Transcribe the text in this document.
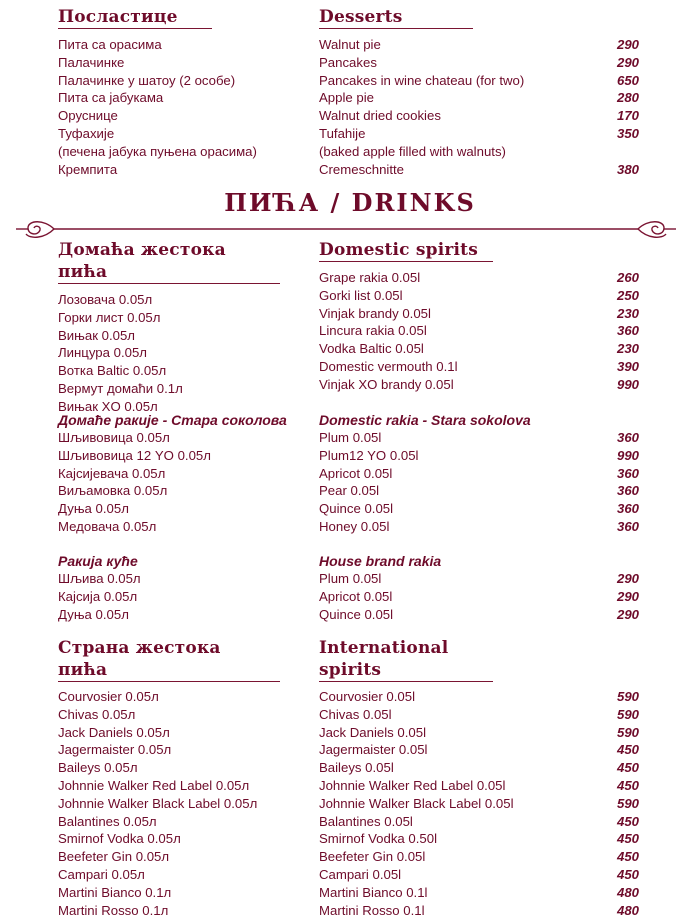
Посластице
Пита са орасима
Палачинке
Палачинке у шатоу (2 особе)
Пита са јабукама
Оруснице
Туфахије
(печена јабука пуњена орасима)
Кремпита
Desserts
Walnut pie	290
Pancakes	290
Pancakes in wine chateau (for two)	650
Apple pie	280
Walnut dried cookies	170
Tufahije	350
(baked apple filled with walnuts)
Cremeschnitte	380
ПИЋА / DRINKS
Домаћа жестока пића
Лозовача 0.05л
Горки лист 0.05л
Вињак 0.05л
Линцура 0.05л
Вотка Baltic 0.05л
Вермут домаћи 0.1л
Вињак XO 0.05л
Domestic spirits
Grape rakia 0.05l	260
Gorki list 0.05l	250
Vinjak brandy 0.05l	230
Lincura rakia 0.05l	360
Vodka Baltic 0.05l	230
Domestic vermouth 0.1l	390
Vinjak XO brandy 0.05l	990
Домаће ракије - Стара соколова
Шљивовица 0.05л
Шљивовица 12 YO 0.05л
Кајсијевача 0.05л
Виљамовка 0.05л
Дуња 0.05л
Медовача 0.05л
Domestic rakia - Stara sokolova
Plum 0.05l	360
Plum12 YO 0.05l	990
Apricot 0.05l	360
Pear 0.05l	360
Quince 0.05l	360
Honey 0.05l	360
Ракија куће
Шљива 0.05л
Кајсија 0.05л
Дуња 0.05л
House brand rakia
Plum 0.05l	290
Apricot 0.05l	290
Quince 0.05l	290
Страна жестока пића
Courvosier 0.05л
Chivas 0.05л
Jack Daniels 0.05л
Jagermaister 0.05л
Baileys 0.05л
Johnnie Walker Red Label 0.05л
Johnnie Walker Black Label 0.05л
Balantines 0.05л
Smirnof Vodka 0.05л
Beefeter Gin 0.05л
Campari 0.05л
Martini Bianco 0.1л
Martini Rosso 0.1л
International spirits
Courvosier 0.05l	590
Chivas 0.05l	590
Jack Daniels 0.05l	590
Jagermaister 0.05l	450
Baileys 0.05l	450
Johnnie Walker Red Label 0.05l	450
Johnnie Walker Black Label 0.05l	590
Balantines 0.05l	450
Smirnof Vodka 0.50l	450
Beefeter Gin 0.05l	450
Campari 0.05l	450
Martini Bianco 0.1l	480
Martini Rosso 0.1l	480
